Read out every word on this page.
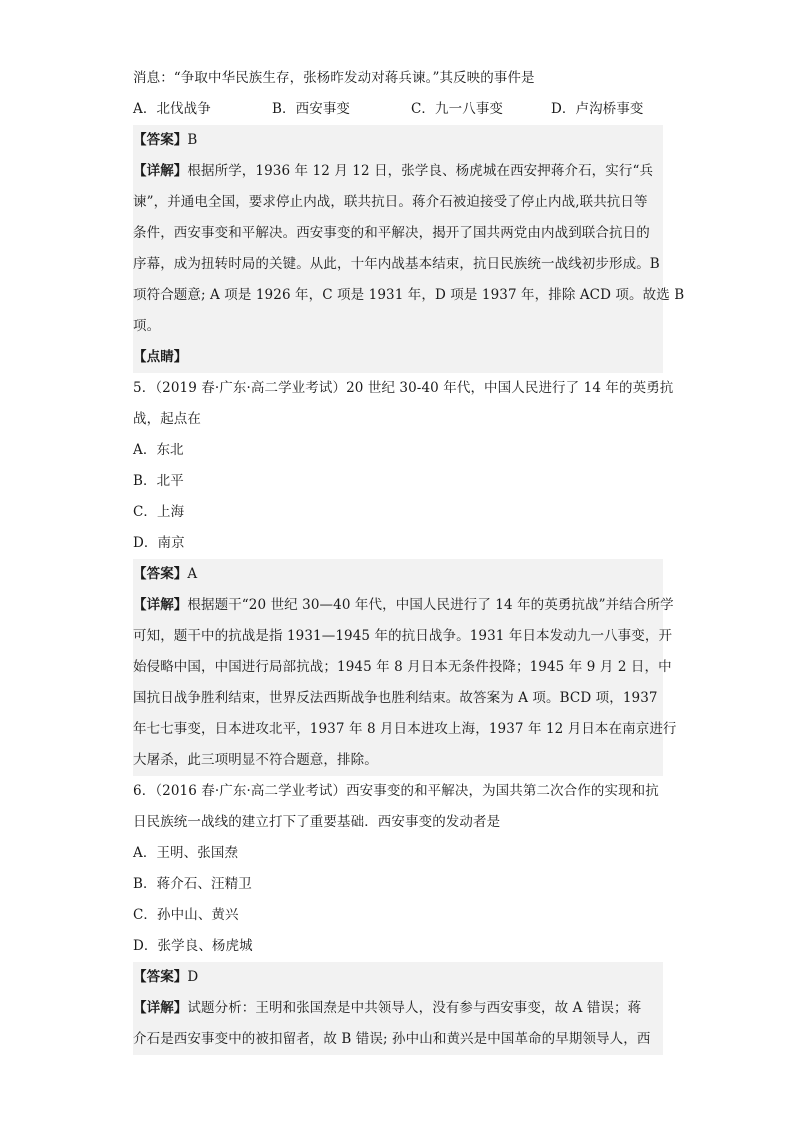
消息：“争取中华民族生存，张杨昨发动对蒋兵谏。”其反映的事件是
A．北伐战争	B．西安事变	C．九一八事变	D．卢沟桥事变
【答案】B
【详解】根据所学，1936 年 12 月 12 日，张学良、杨虎城在西安押蒋介石，实行“兵
谏”，并通电全国，要求停止内战，联共抗日。蒋介石被迫接受了停止内战,联共抗日等
条件，西安事变和平解决。西安事变的和平解决，揭开了国共两党由内战到联合抗日的
序幕，成为扭转时局的关键。从此，十年内战基本结束，抗日民族统一战线初步形成。B
项符合题意; A 项是 1926 年，C 项是 1931 年，D 项是 1937 年，排除 ACD 项。故选 B
项。
【点睛】
5．（2019 春·广东·高二学业考试）20 世纪 30-40 年代，中国人民进行了 14 年的英勇抗
战，起点在
A．东北
B．北平
C．上海
D．南京
【答案】A
【详解】根据题干“20 世纪 30—40 年代，中国人民进行了 14 年的英勇抗战”并结合所学
可知，题干中的抗战是指 1931—1945 年的抗日战争。1931 年日本发动九一八事变，开
始侵略中国，中国进行局部抗战；1945 年 8 月日本无条件投降；1945 年 9 月 2 日，中
国抗日战争胜利结束，世界反法西斯战争也胜利结束。故答案为 A 项。BCD 项，1937
年七七事变，日本进攻北平，1937 年 8 月日本进攻上海，1937 年 12 月日本在南京进行
大屠杀，此三项明显不符合题意，排除。
6．（2016 春·广东·高二学业考试）西安事变的和平解决，为国共第二次合作的实现和抗
日民族统一战线的建立打下了重要基础．西安事变的发动者是
A．王明、张国焘
B．蒋介石、汪精卫
C．孙中山、黄兴
D．张学良、杨虎城
【答案】D
【详解】试题分析：王明和张国焘是中共领导人，没有参与西安事变，故 A 错误；蒋
介石是西安事变中的被扣留者，故 B 错误; 孙中山和黄兴是中国革命的早期领导人，西
